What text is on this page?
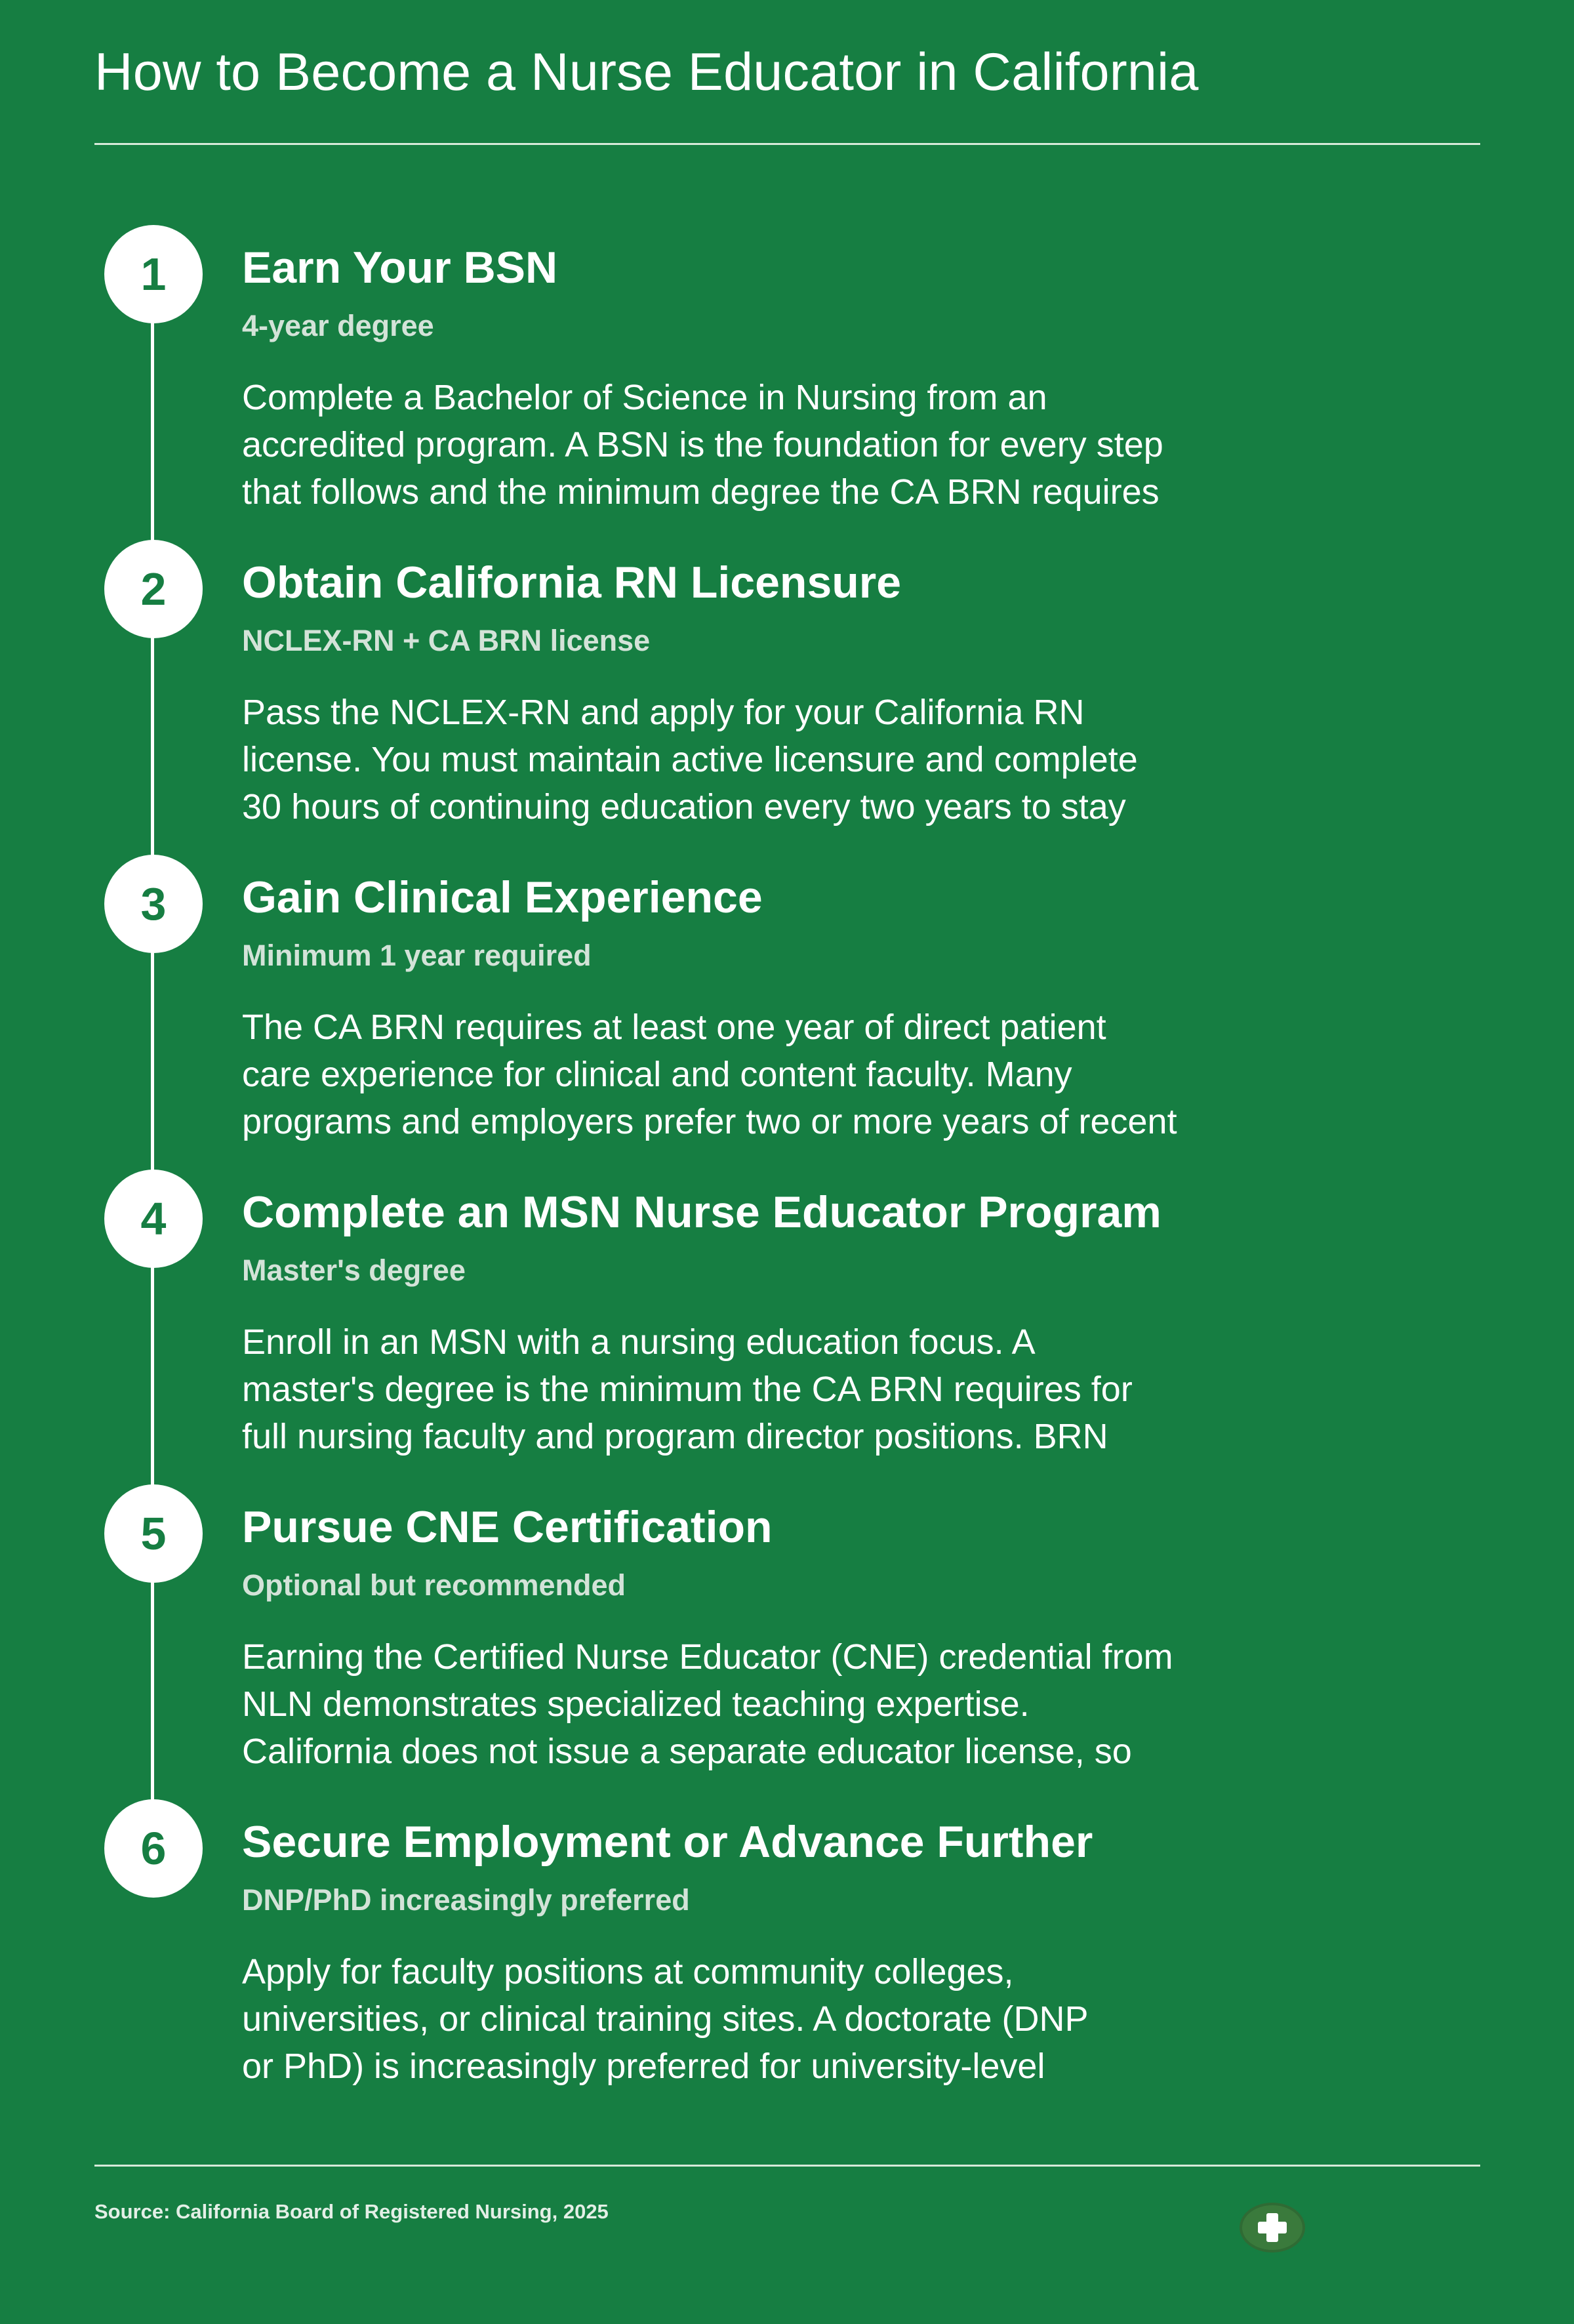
How to Become a Nurse Educator in California
1	Earn Your BSN
4-year degree

Complete a Bachelor of Science in Nursing from an
accredited program. A BSN is the foundation for every step
that follows and the minimum degree the CA BRN requires

2	Obtain California RN Licensure
NCLEX-RN + CA BRN license

Pass the NCLEX-RN and apply for your California RN
license. You must maintain active licensure and complete
30 hours of continuing education every two years to stay

3	Gain Clinical Experience
Minimum 1 year required

The CA BRN requires at least one year of direct patient
care experience for clinical and content faculty. Many
programs and employers prefer two or more years of recent

4	Complete an MSN Nurse Educator Program
Master's degree

Enroll in an MSN with a nursing education focus. A
master's degree is the minimum the CA BRN requires for
full nursing faculty and program director positions. BRN

5	Pursue CNE Certification
Optional but recommended

Earning the Certified Nurse Educator (CNE) credential from
NLN demonstrates specialized teaching expertise.
California does not issue a separate educator license, so

6	Secure Employment or Advance Further
DNP/PhD increasingly preferred

Apply for faculty positions at community colleges,
universities, or clinical training sites. A doctorate (DNP
or PhD) is increasingly preferred for university-level

Source: California Board of Registered Nursing, 2025
